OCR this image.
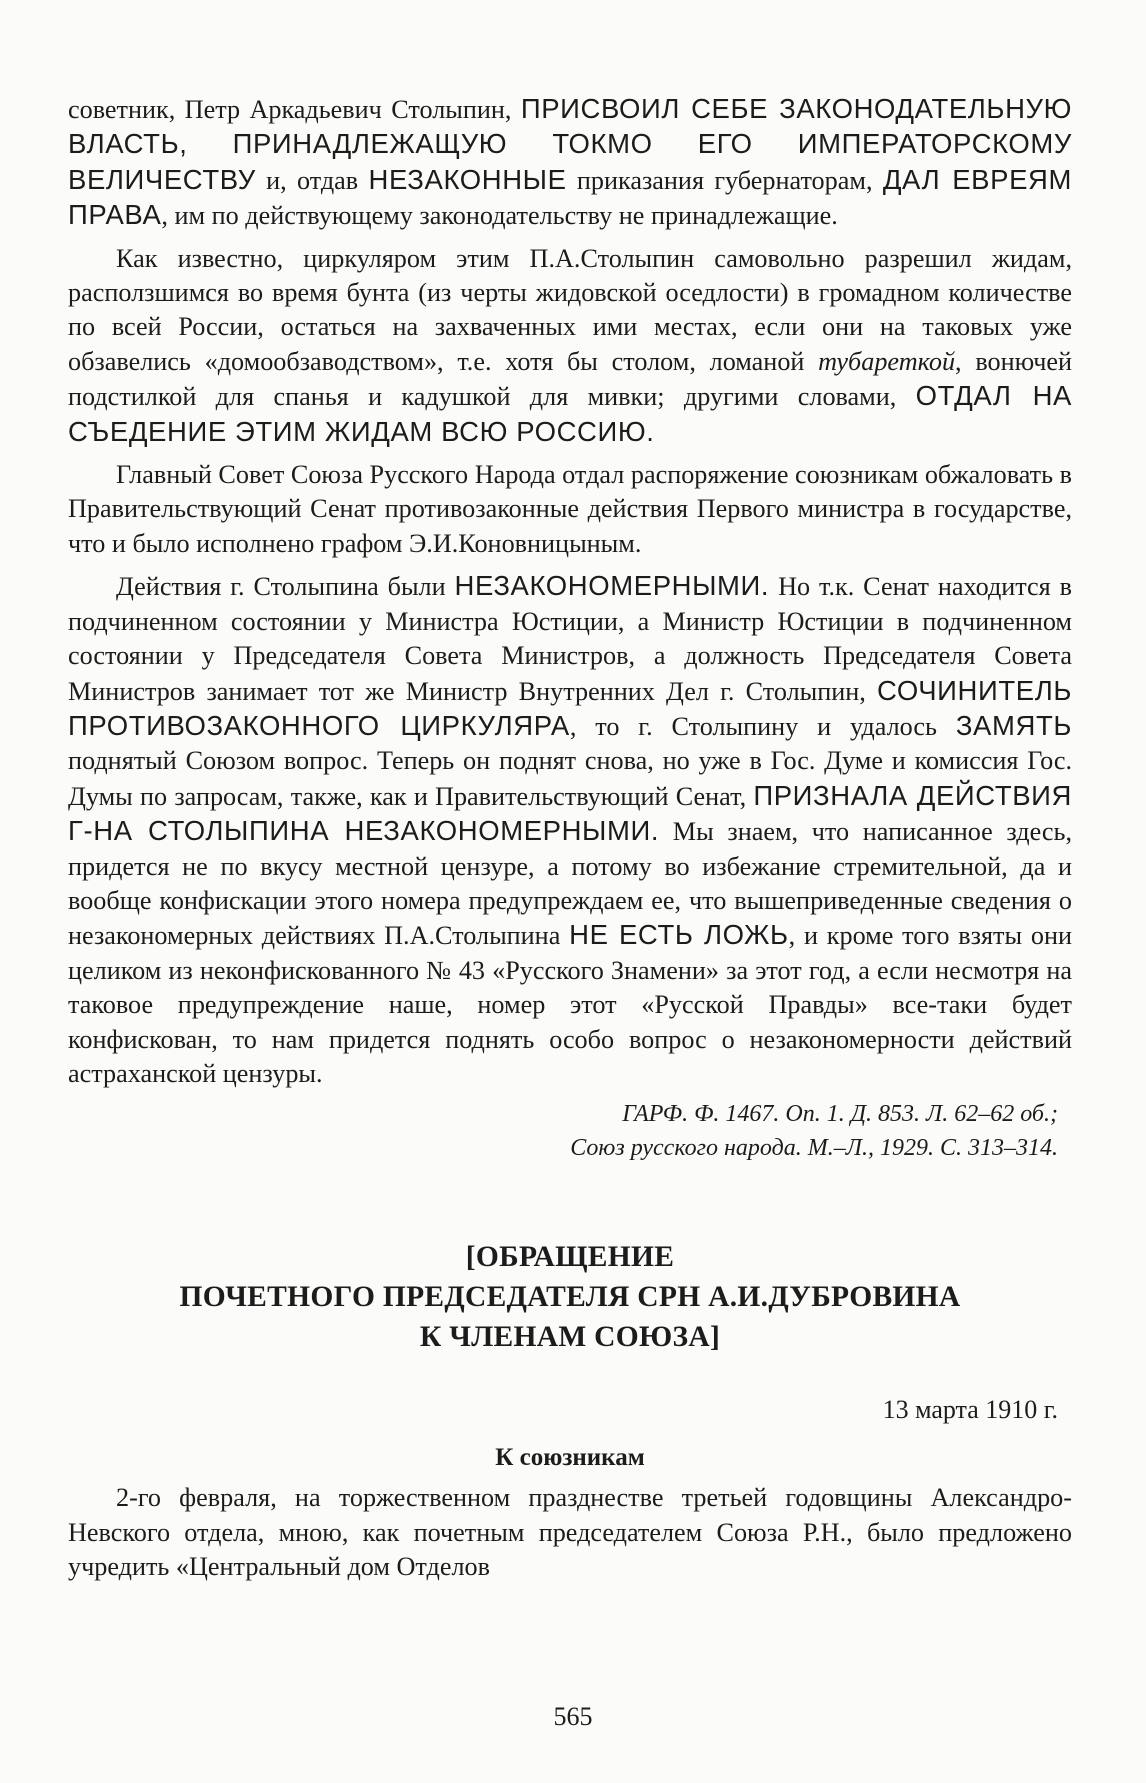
советник, Петр Аркадьевич Столыпин, ПРИСВОИЛ СЕБЕ ЗАКОНОДАТЕЛЬНУЮ ВЛАСТЬ, ПРИНАДЛЕЖАЩУЮ ТОКМО ЕГО ИМПЕРАТОРСКОМУ ВЕЛИЧЕСТВУ и, отдав НЕЗАКОННЫЕ приказания губернаторам, ДАЛ ЕВРЕЯМ ПРАВА, им по действующему законодательству не принадлежащие.

Как известно, циркуляром этим П.А.Столыпин самовольно разрешил жидам, расползшимся во время бунта (из черты жидовской оседлости) в громадном количестве по всей России, остаться на захваченных ими местах, если они на таковых уже обзавелись «домообзаводством», т.е. хотя бы столом, ломаной тубареткой, вонючей подстилкой для спанья и кадушкой для мивки; другими словами, ОТДАЛ НА СЪЕДЕНИЕ ЭТИМ ЖИДАМ ВСЮ РОССИЮ.

Главный Совет Союза Русского Народа отдал распоряжение союзникам обжаловать в Правительствующий Сенат противозаконные действия Первого министра в государстве, что и было исполнено графом Э.И.Коновницыным.

Действия г. Столыпина были НЕЗАКОНОМЕРНЫМИ. Но т.к. Сенат находится в подчиненном состоянии у Министра Юстиции, а Министр Юстиции в подчиненном состоянии у Председателя Совета Министров, а должность Председателя Совета Министров занимает тот же Министр Внутренних Дел г. Столыпин, СОЧИНИТЕЛЬ ПРОТИВОЗАКОННОГО ЦИРКУЛЯРА, то г. Столыпину и удалось ЗАМЯТЬ поднятый Союзом вопрос. Теперь он поднят снова, но уже в Гос. Думе и комиссия Гос. Думы по запросам, также, как и Правительствующий Сенат, ПРИЗНАЛА ДЕЙСТВИЯ Г-НА СТОЛЫПИНА НЕЗАКОНОМЕРНЫМИ. Мы знаем, что написанное здесь, придется не по вкусу местной цензуре, а потому во избежание стремительной, да и вообще конфискации этого номера предупреждаем ее, что вышеприведенные сведения о незакономерных действиях П.А.Столыпина НЕ ЕСТЬ ЛОЖЬ, и кроме того взяты они целиком из неконфискованного № 43 «Русского Знамени» за этот год, а если несмотря на таковое предупреждение наше, номер этот «Русской Правды» все-таки будет конфискован, то нам придется поднять особо вопрос о незакономерности действий астраханской цензуры.

ГАРФ. Ф. 1467. Оп. 1. Д. 853. Л. 62–62 об.;
Союз русского народа. М.–Л., 1929. С. 313–314.
[ОБРАЩЕНИЕ
ПОЧЕТНОГО ПРЕДСЕДАТЕЛЯ СРН А.И.ДУБРОВИНА
К ЧЛЕНАМ СОЮЗА]
13 марта 1910 г.
К союзникам

2-го февраля, на торжественном празднестве третьей годовщины Александро-Невского отдела, мною, как почетным председателем Союза Р.Н., было предложено учредить «Центральный дом Отделов

565
